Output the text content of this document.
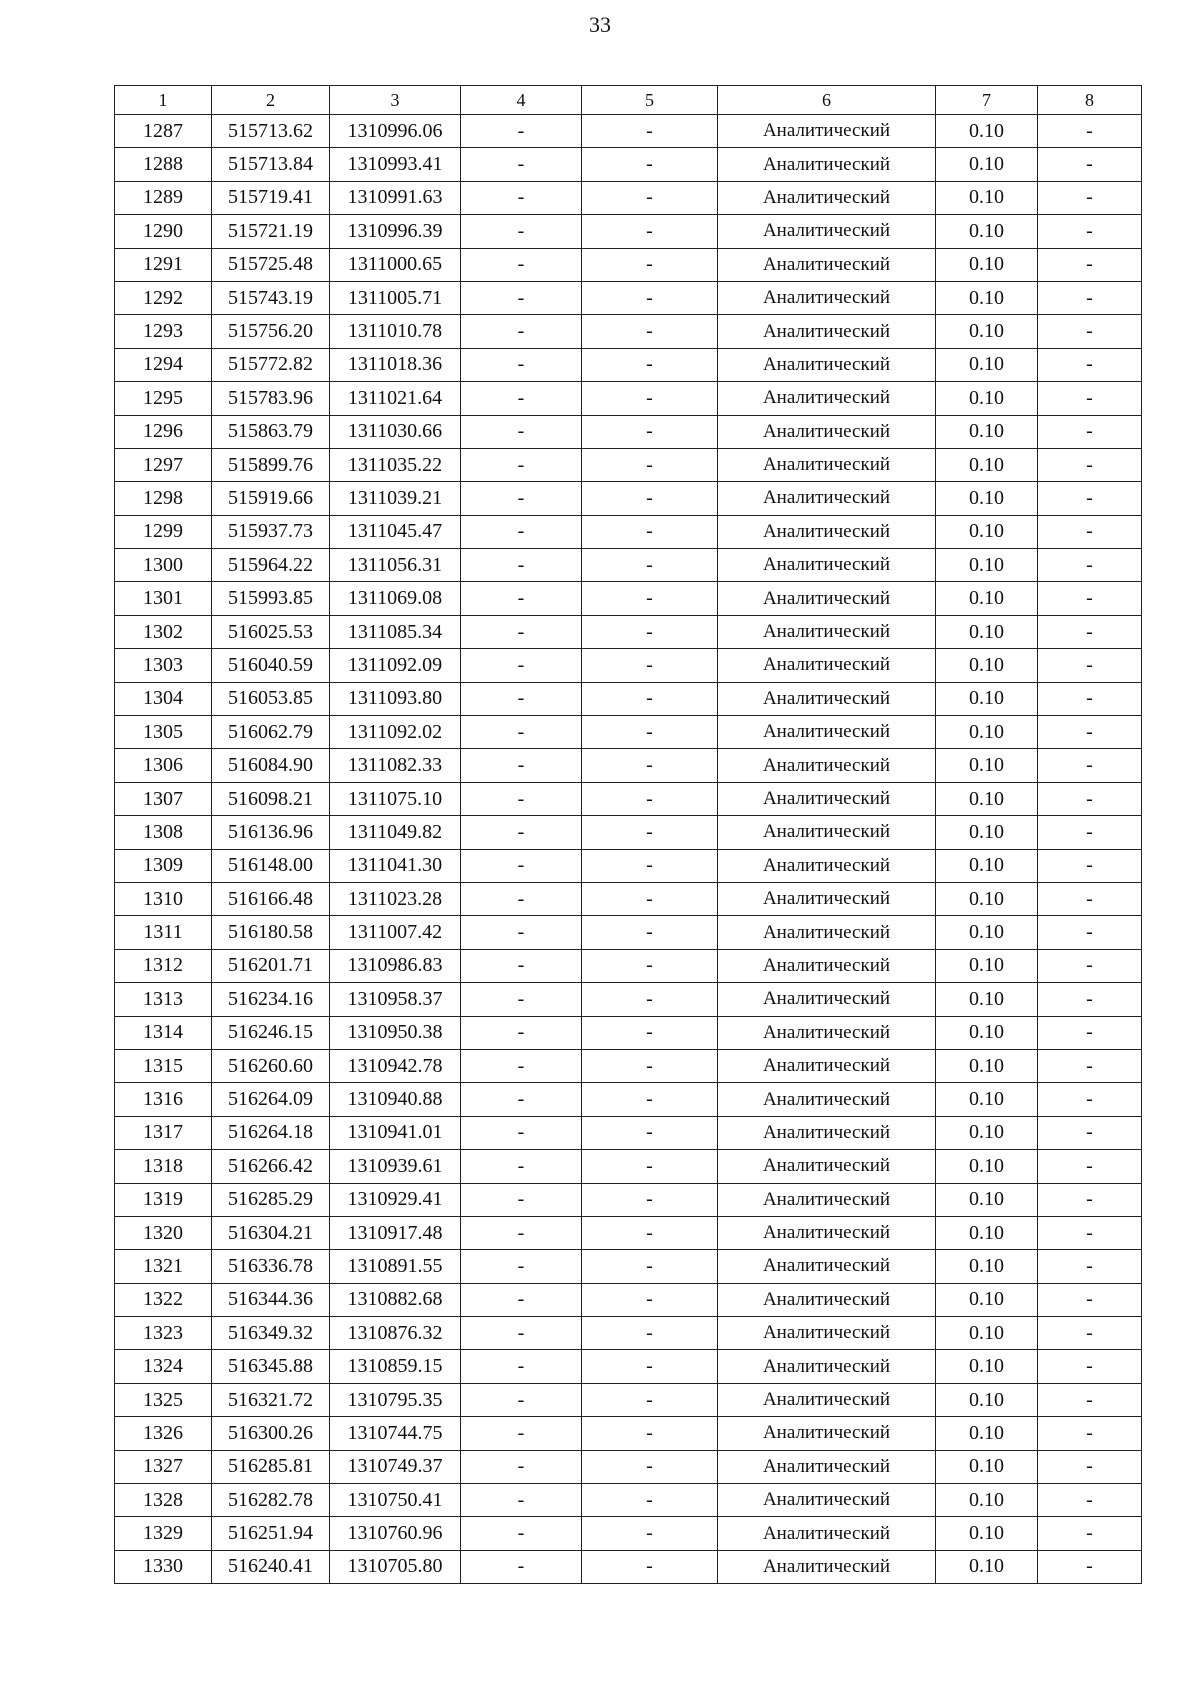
33
1	2	3	4	5	6	7	8
1287	515713.62	1310996.06	-	-	Аналитический	0.10	-
1288	515713.84	1310993.41	-	-	Аналитический	0.10	-
1289	515719.41	1310991.63	-	-	Аналитический	0.10	-
1290	515721.19	1310996.39	-	-	Аналитический	0.10	-
1291	515725.48	1311000.65	-	-	Аналитический	0.10	-
1292	515743.19	1311005.71	-	-	Аналитический	0.10	-
1293	515756.20	1311010.78	-	-	Аналитический	0.10	-
1294	515772.82	1311018.36	-	-	Аналитический	0.10	-
1295	515783.96	1311021.64	-	-	Аналитический	0.10	-
1296	515863.79	1311030.66	-	-	Аналитический	0.10	-
1297	515899.76	1311035.22	-	-	Аналитический	0.10	-
1298	515919.66	1311039.21	-	-	Аналитический	0.10	-
1299	515937.73	1311045.47	-	-	Аналитический	0.10	-
1300	515964.22	1311056.31	-	-	Аналитический	0.10	-
1301	515993.85	1311069.08	-	-	Аналитический	0.10	-
1302	516025.53	1311085.34	-	-	Аналитический	0.10	-
1303	516040.59	1311092.09	-	-	Аналитический	0.10	-
1304	516053.85	1311093.80	-	-	Аналитический	0.10	-
1305	516062.79	1311092.02	-	-	Аналитический	0.10	-
1306	516084.90	1311082.33	-	-	Аналитический	0.10	-
1307	516098.21	1311075.10	-	-	Аналитический	0.10	-
1308	516136.96	1311049.82	-	-	Аналитический	0.10	-
1309	516148.00	1311041.30	-	-	Аналитический	0.10	-
1310	516166.48	1311023.28	-	-	Аналитический	0.10	-
1311	516180.58	1311007.42	-	-	Аналитический	0.10	-
1312	516201.71	1310986.83	-	-	Аналитический	0.10	-
1313	516234.16	1310958.37	-	-	Аналитический	0.10	-
1314	516246.15	1310950.38	-	-	Аналитический	0.10	-
1315	516260.60	1310942.78	-	-	Аналитический	0.10	-
1316	516264.09	1310940.88	-	-	Аналитический	0.10	-
1317	516264.18	1310941.01	-	-	Аналитический	0.10	-
1318	516266.42	1310939.61	-	-	Аналитический	0.10	-
1319	516285.29	1310929.41	-	-	Аналитический	0.10	-
1320	516304.21	1310917.48	-	-	Аналитический	0.10	-
1321	516336.78	1310891.55	-	-	Аналитический	0.10	-
1322	516344.36	1310882.68	-	-	Аналитический	0.10	-
1323	516349.32	1310876.32	-	-	Аналитический	0.10	-
1324	516345.88	1310859.15	-	-	Аналитический	0.10	-
1325	516321.72	1310795.35	-	-	Аналитический	0.10	-
1326	516300.26	1310744.75	-	-	Аналитический	0.10	-
1327	516285.81	1310749.37	-	-	Аналитический	0.10	-
1328	516282.78	1310750.41	-	-	Аналитический	0.10	-
1329	516251.94	1310760.96	-	-	Аналитический	0.10	-
1330	516240.41	1310705.80	-	-	Аналитический	0.10	-
